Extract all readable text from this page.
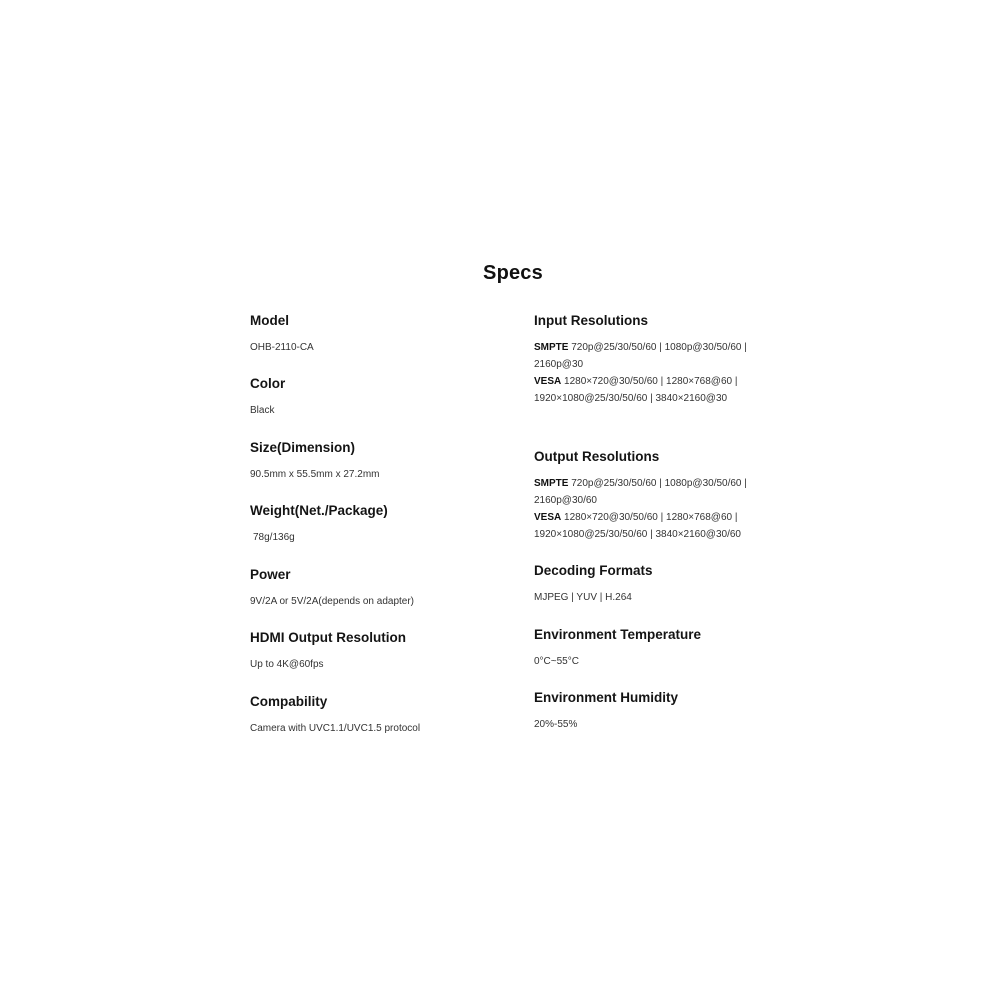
Specs
Model
OHB-2110-CA
Color
Black
Size(Dimension)
90.5mm x 55.5mm x 27.2mm
Weight(Net./Package)
78g/136g
Power
9V/2A or 5V/2A(depends on adapter)
HDMI Output Resolution
Up to 4K@60fps
Compability
Camera with UVC1.1/UVC1.5 protocol
Input Resolutions
SMPTE 720p@25/30/50/60 | 1080p@30/50/60 |
2160p@30
VESA 1280×720@30/50/60 | 1280×768@60 |
1920×1080@25/30/50/60 | 3840×2160@30
Output Resolutions
SMPTE 720p@25/30/50/60 | 1080p@30/50/60 |
2160p@30/60
VESA 1280×720@30/50/60 | 1280×768@60 |
1920×1080@25/30/50/60 | 3840×2160@30/60
Decoding Formats
MJPEG | YUV | H.264
Environment Temperature
0°C~55°C
Environment Humidity
20%-55%
